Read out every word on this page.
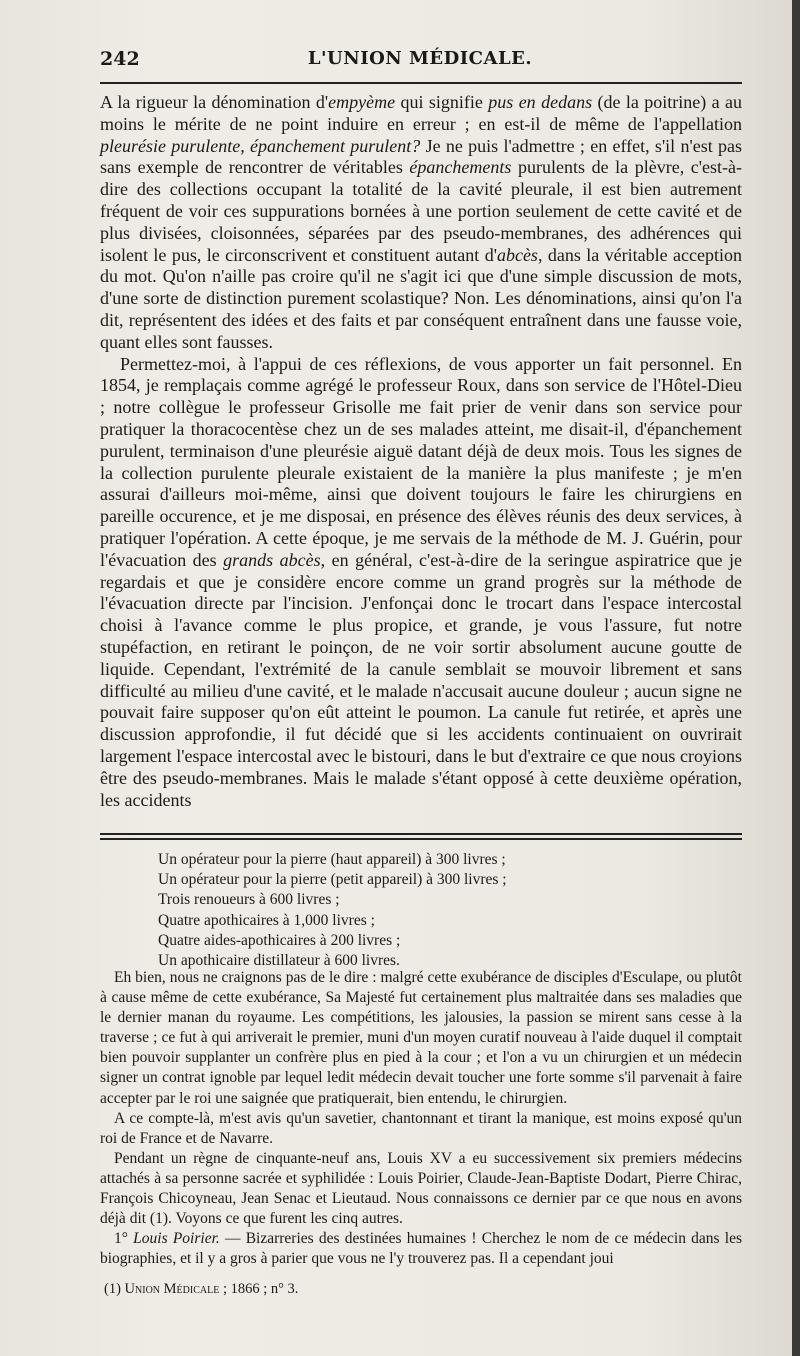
L'UNION MÉDICALE.
242

A la rigueur la dénomination d'empyème qui signifie pus en dedans (de la poitrine) a au moins le mérite de ne point induire en erreur ; en est-il de même de l'appellation pleurésie purulente, épanchement purulent? Je ne puis l'admettre ; en effet, s'il n'est pas sans exemple de rencontrer de véritables épanchements purulents de la plèvre, c'est-à-dire des collections occupant la totalité de la cavité pleurale, il est bien autrement fréquent de voir ces suppurations bornées à une portion seulement de cette cavité et de plus divisées, cloisonnées, séparées par des pseudo-membranes, des adhérences qui isolent le pus, le circonscrivent et constituent autant d'abcès, dans la véritable acception du mot. Qu'on n'aille pas croire qu'il ne s'agit ici que d'une simple discussion de mots, d'une sorte de distinction purement scolastique? Non. Les dénominations, ainsi qu'on l'a dit, représentent des idées et des faits et par conséquent entraînent dans une fausse voie, quant elles sont fausses.

Permettez-moi, à l'appui de ces réflexions, de vous apporter un fait personnel. En 1854, je remplaçais comme agrégé le professeur Roux, dans son service de l'Hôtel-Dieu ; notre collègue le professeur Grisolle me fait prier de venir dans son service pour pratiquer la thoracocentèse chez un de ses malades atteint, me disait-il, d'épanchement purulent, terminaison d'une pleurésie aiguë datant déjà de deux mois. Tous les signes de la collection purulente pleurale existaient de la manière la plus manifeste ; je m'en assurai d'ailleurs moi-même, ainsi que doivent toujours le faire les chirurgiens en pareille occurence, et je me disposai, en présence des élèves réunis des deux services, à pratiquer l'opération. A cette époque, je me servais de la méthode de M. J. Guérin, pour l'évacuation des grands abcès, en général, c'est-à-dire de la seringue aspiratrice que je regardais et que je considère encore comme un grand progrès sur la méthode de l'évacuation directe par l'incision. J'enfonçai donc le trocart dans l'espace intercostal choisi à l'avance comme le plus propice, et grande, je vous l'assure, fut notre stupéfaction, en retirant le poinçon, de ne voir sortir absolument aucune goutte de liquide. Cependant, l'extrémité de la canule semblait se mouvoir librement et sans difficulté au milieu d'une cavité, et le malade n'accusait aucune douleur ; aucun signe ne pouvait faire supposer qu'on eût atteint le poumon. La canule fut retirée, et après une discussion approfondie, il fut décidé que si les accidents continuaient on ouvrirait largement l'espace intercostal avec le bistouri, dans le but d'extraire ce que nous croyions être des pseudo-membranes. Mais le malade s'étant opposé à cette deuxième opération, les accidents

Un opérateur pour la pierre (haut appareil) à 300 livres ;
Un opérateur pour la pierre (petit appareil) à 300 livres ;
Trois renoueurs à 600 livres ;
Quatre apothicaires à 1,000 livres ;
Quatre aides-apothicaires à 200 livres ;
Un apothicaire distillateur à 600 livres.

Eh bien, nous ne craignons pas de le dire : malgré cette exubérance de disciples d'Esculape, ou plutôt à cause même de cette exubérance, Sa Majesté fut certainement plus maltraitée dans ses maladies que le dernier manan du royaume. Les compétitions, les jalousies, la passion se mirent sans cesse à la traverse ; ce fut à qui arriverait le premier, muni d'un moyen curatif nouveau à l'aide duquel il comptait bien pouvoir supplanter un confrère plus en pied à la cour ; et l'on a vu un chirurgien et un médecin signer un contrat ignoble par lequel ledit médecin devait toucher une forte somme s'il parvenait à faire accepter par le roi une saignée que pratiquerait, bien entendu, le chirurgien.

A ce compte-là, m'est avis qu'un savetier, chantonnant et tirant la manique, est moins exposé qu'un roi de France et de Navarre.

Pendant un règne de cinquante-neuf ans, Louis XV a eu successivement six premiers médecins attachés à sa personne sacrée et syphilidée : Louis Poirier, Claude-Jean-Baptiste Dodart, Pierre Chirac, François Chicoyneau, Jean Senac et Lieutaud. Nous connaissons ce dernier par ce que nous en avons déjà dit (1). Voyons ce que furent les cinq autres.

1° Louis Poirier. — Bizarreries des destinées humaines ! Cherchez le nom de ce médecin dans les biographies, et il y a gros à parier que vous ne l'y trouverez pas. Il a cependant joui

(1) Union Médicale ; 1866 ; n° 3.
